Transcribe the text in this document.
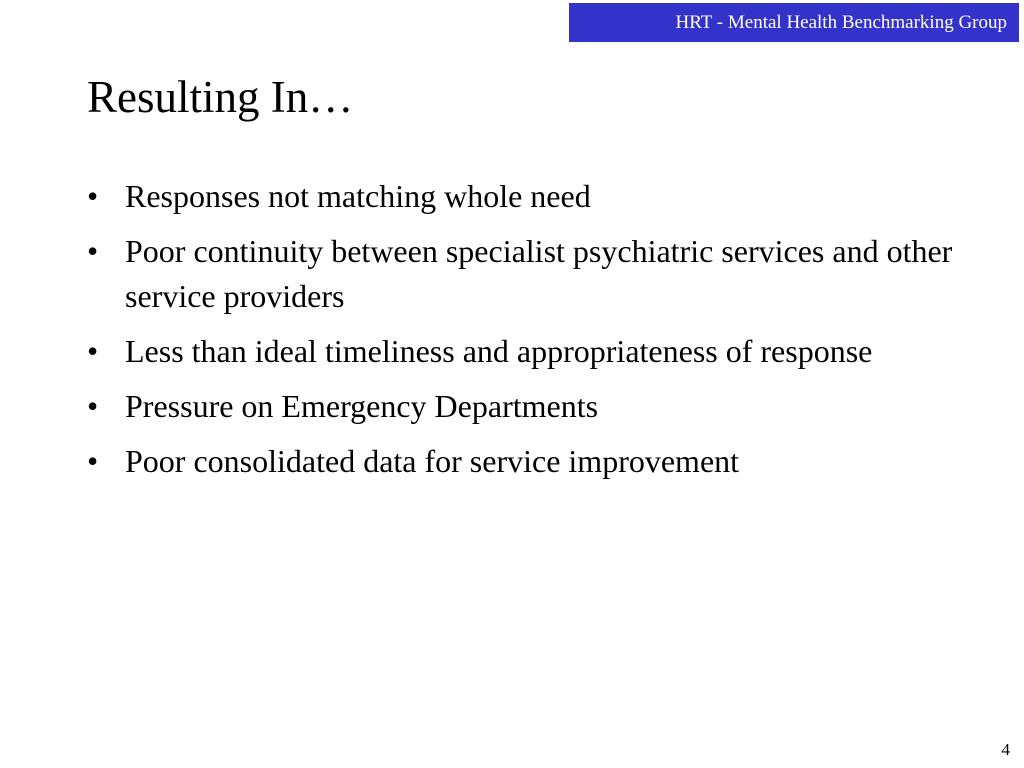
HRT - Mental Health Benchmarking Group
Resulting In…
• Responses not matching whole need
• Poor continuity between specialist psychiatric services and other service providers
• Less than ideal timeliness and appropriateness of response
• Pressure on Emergency Departments
• Poor consolidated data for service improvement
4
